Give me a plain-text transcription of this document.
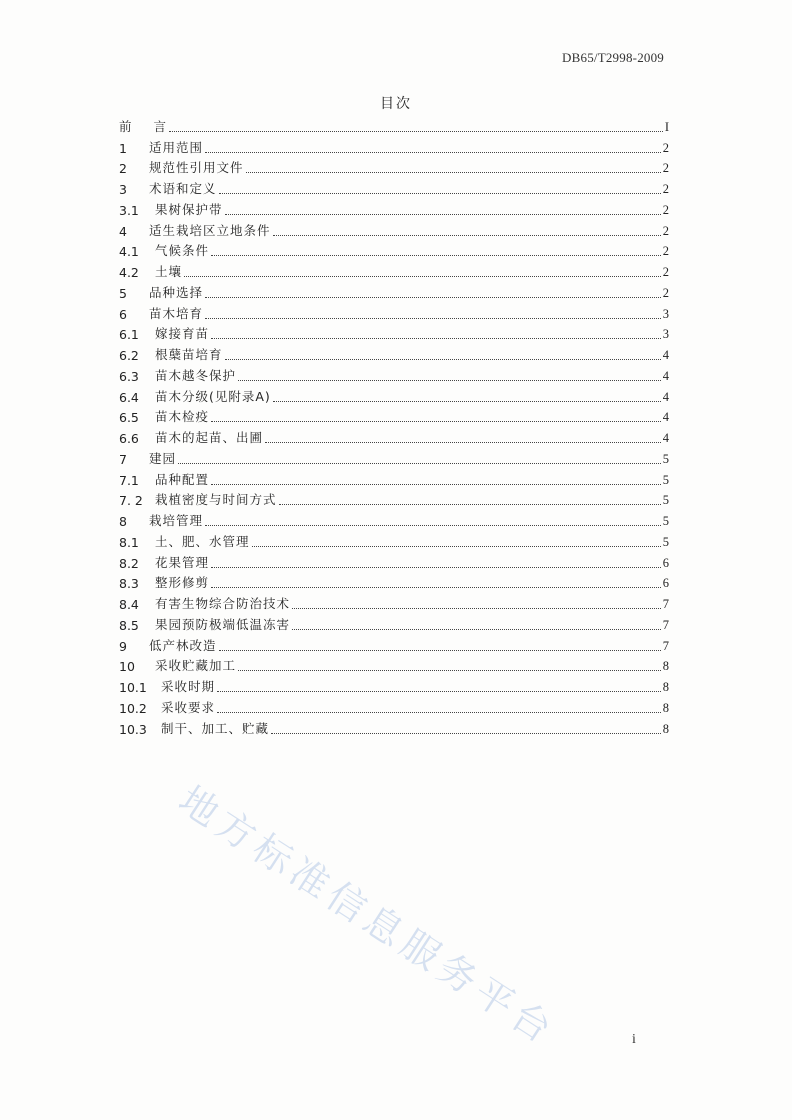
DB65/T2998-2009
目次
前 言	I
1	适用范围	2
2	规范性引用文件	2
3	术语和定义	2
3.1	果树保护带	2
4	适生栽培区立地条件	2
4.1	气候条件	2
4.2	土壤	2
5	品种选择	2
6	苗木培育	3
6.1	嫁接育苗	3
6.2	根蘖苗培育	4
6.3	苗木越冬保护	4
6.4	苗木分级(见附录A)	4
6.5	苗木检疫	4
6.6	苗木的起苗、出圃	4
7	建园	5
7.1	品种配置	5
7. 2 栽植密度与时间方式	5
8	栽培管理	5
8.1	土、肥、水管理	5
8.2	花果管理	6
8.3	整形修剪	6
8.4	有害生物综合防治技术	7
8.5	果园预防极端低温冻害	7
9	低产林改造	7
10	采收贮藏加工	8
10.1	采收时期	8
10.2	采收要求	8
10.3	制干、加工、贮藏	8
地方标准信息服务平台	i
